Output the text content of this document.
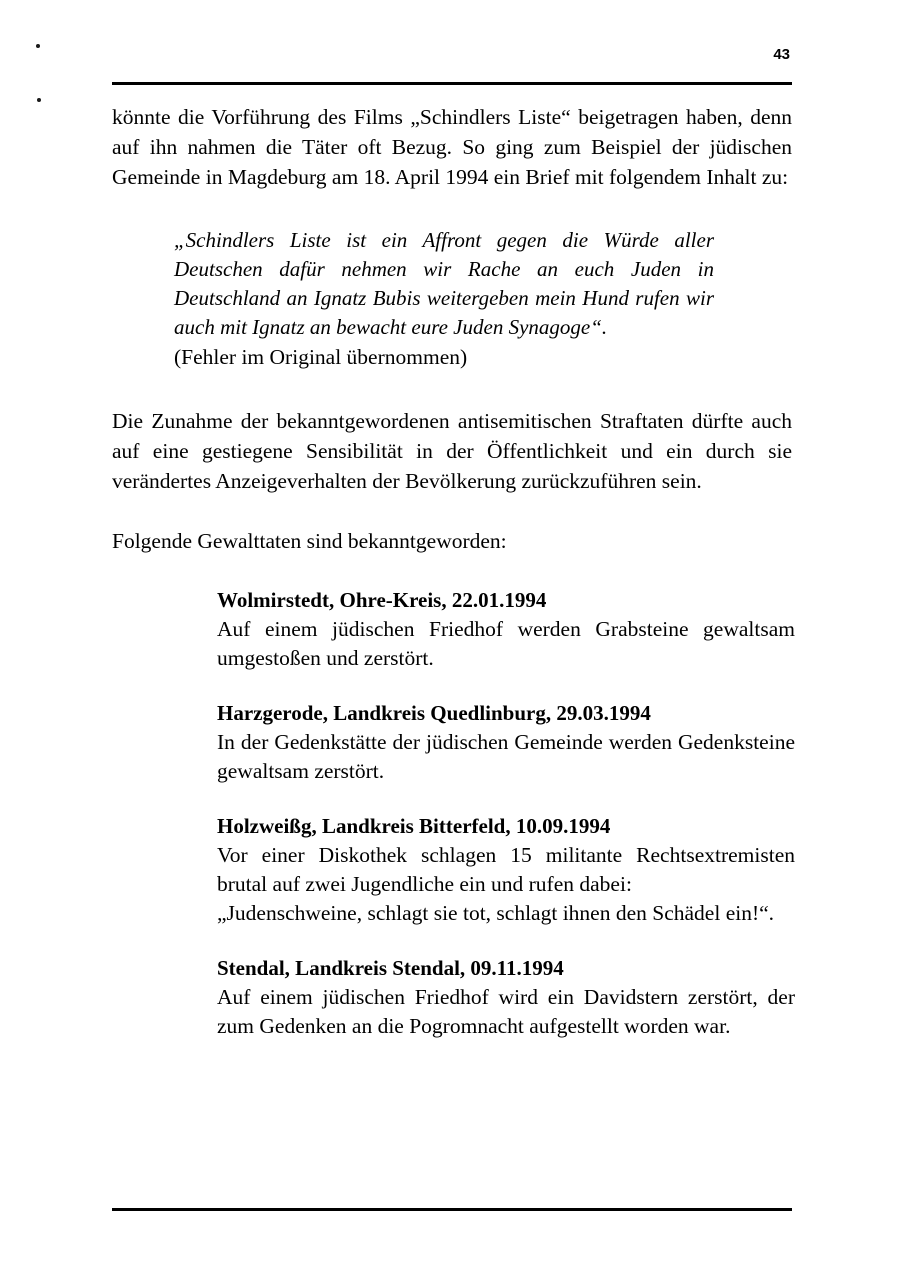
43

könnte die Vorführung des Films „Schindlers Liste“ beigetragen haben, denn auf ihn nahmen die Täter oft Bezug. So ging zum Beispiel der jüdischen Gemeinde in Magdeburg am 18. April 1994 ein Brief mit folgendem Inhalt zu:

„Schindlers Liste ist ein Affront gegen die Würde aller Deutschen dafür nehmen wir Rache an euch Juden in Deutschland an Ignatz Bubis weitergeben mein Hund rufen wir auch mit Ignatz an bewacht eure Juden Synagoge“.

(Fehler im Original übernommen)

Die Zunahme der bekanntgewordenen antisemitischen Straftaten dürfte auch auf eine gestiegene Sensibilität in der Öffentlichkeit und ein durch sie verändertes Anzeigeverhalten der Bevölkerung zurückzuführen sein.

Folgende Gewalttaten sind bekanntgeworden:

Wolmirstedt, Ohre-Kreis, 22.01.1994
Auf einem jüdischen Friedhof werden Grabsteine gewaltsam umgestoßen und zerstört.
Harzgerode, Landkreis Quedlinburg, 29.03.1994
In der Gedenkstätte der jüdischen Gemeinde werden Gedenksteine gewaltsam zerstört.
Holzweißg, Landkreis Bitterfeld, 10.09.1994
Vor einer Diskothek schlagen 15 militante Rechtsextremisten brutal auf zwei Jugendliche ein und rufen dabei:
„Judenschweine, schlagt sie tot, schlagt ihnen den Schädel ein!“.
Stendal, Landkreis Stendal, 09.11.1994
Auf einem jüdischen Friedhof wird ein Davidstern zerstört, der zum Gedenken an die Pogromnacht aufgestellt worden war.
